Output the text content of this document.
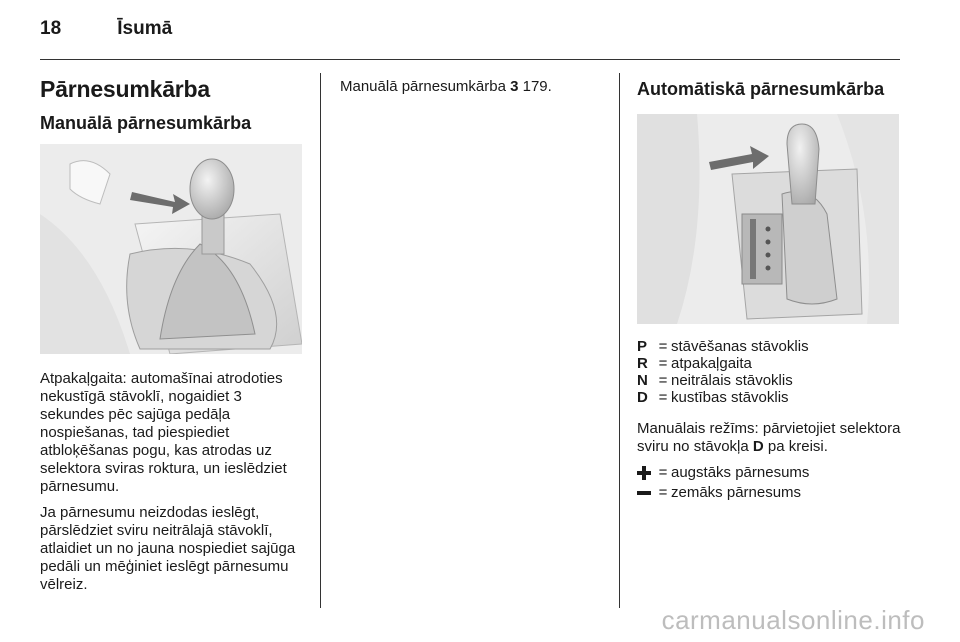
18	Īsumā
Pārnesumkārba
Manuālā pārnesumkārba

Atpakaļgaita: automašīnai atrodoties nekustīgā stāvoklī, nogaidiet 3 sekundes pēc sajūga pedāļa nospiešanas, tad piespiediet atbloķēšanas pogu, kas atrodas uz selektora sviras roktura, un ieslēdziet pārnesumu.

Ja pārnesumu neizdodas ieslēgt, pārslēdziet sviru neitrālajā stāvoklī, atlaidiet un no jauna nospiediet sajūga pedāli un mēģiniet ieslēgt pārnesumu vēlreiz.

Manuālā pārnesumkārba 3 179.	Automātiskā pārnesumkārba
P = stāvēšanas stāvoklis
R = atpakaļgaita
N = neitrālais stāvoklis
D = kustības stāvoklis

Manuālais režīms: pārvietojiet selektora sviru no stāvokļa D pa kreisi.

= augstāks pārnesums
= zemāks pārnesums
carmanualsonline.info
